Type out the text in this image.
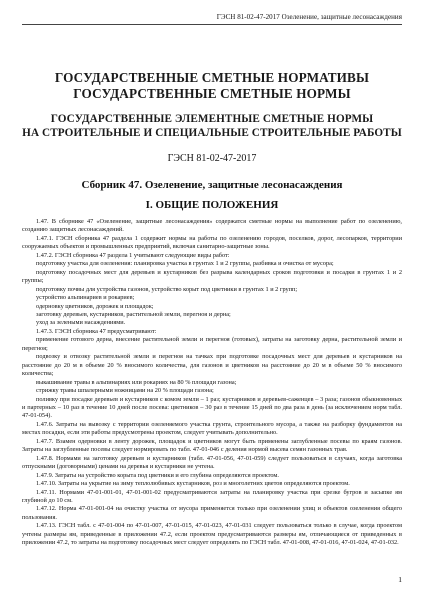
ГЭСН 81-02-47-2017 Озеленение, защитные лесонасаждения
ГОСУДАРСТВЕННЫЕ СМЕТНЫЕ НОРМАТИВЫ
ГОСУДАРСТВЕННЫЕ СМЕТНЫЕ НОРМЫ
ГОСУДАРСТВЕННЫЕ ЭЛЕМЕНТНЫЕ СМЕТНЫЕ НОРМЫ
НА СТРОИТЕЛЬНЫЕ И СПЕЦИАЛЬНЫЕ СТРОИТЕЛЬНЫЕ РАБОТЫ
ГЭСН 81-02-47-2017
Сборник 47. Озеленение, защитные лесонасаждения
I. ОБЩИЕ ПОЛОЖЕНИЯ

1.47. В сборнике 47 «Озеленение, защитные лесонасаждения» содержатся сметные нормы на выполнение работ по озеленению, созданию защитных лесонасаждений.

1.47.1. ГЭСН сборника 47 раздела 1 содержит нормы на работы по озеленению городов, поселков, дорог, лесопарков, территории сооружаемых объектов и промышленных предприятий, включая санитарно-защитные зоны.

1.47.2. ГЭСН сборника 47 раздела 1 учитывают следующие виды работ:

подготовку участка для озеленения: планировка участка в грунтах 1 и 2 группы, разбивка и очистка от мусора;

подготовку посадочных мест для деревьев и кустарников без разрыва календарных сроков подготовки и посадки в грунтах 1 и 2 группы;

подготовку почвы для устройства газонов, устройство корыт под цветники в грунтах 1 и 2 групп;

устройство альпинариев и рокариев;

одерновку цветников, дорожек и площадок;

заготовку деревьев, кустарников, растительной земли, перегноя и дерна;

уход за зелеными насаждениями.

1.47.3. ГЭСН сборника 47 предусматривают:

применение готового дерна, внесение растительной земли и перегноя (готовых), затраты на заготовку дерна, растительной земли и перегноя;

подвозку и отвозку растительной земли и перегноя на тачках при подготовке посадочных мест для деревьев и кустарников на расстояние до 20 м в объеме 20 % вносимого количества, для газонов и цветников на расстояние до 20 м в объеме 50 % вносимого количества;

выкашивание травы в альпинариях или рокариях на 80 % площади газона;

стрижку травы шпалерными ножницами на 20 % площади газона;

поливку при посадке деревьев и кустарников с комом земли – 1 раз; кустарников и деревьев-саженцев – 3 раза; газонов обыкновенных и партерных – 10 раз в течение 10 дней после посева: цветников – 30 раз в течение 15 дней по два раза в день (за исключением норм табл. 47-01-054).

1.47.6. Затраты на вывозку с территории озеленяемого участка грунта, строительного мусора, а также на разборку фундаментов на местах посадки, если эти работы предусмотрены проектом, следует учитывать дополнительно.

1.47.7. Взамен одерновки в ленту дорожек, площадок и цветников могут быть применены заглубленные посевы по краям газонов. Затраты на заглубленные посевы следует нормировать по табл. 47-01-046 с деления нормой высева семян газонных трав.

1.47.8. Нормами на заготовку деревьев и кустарников (табл. 47-01-056, 47-01-059) следует пользоваться в случаях, когда заготовка отпускными (договорными) ценами на деревья и кустарники не учтена.

1.47.9. Затраты на устройство корыта под цветники и его глубина определяются проектом.

1.47.10. Затраты на укрытие на зиму теплолюбивых кустарников, роз и многолетних цветов определяются проектом.

1.47.11. Нормами 47-01-001-01, 47-01-001-02 предусматриваются затраты на планировку участка при срезке бугров и засыпке ям глубиной до 10 см.

1.47.12. Норма 47-01-001-04 на очистку участка от мусора применяется только при озеленении улиц и объектов озеленения общего пользования.

1.47.13. ГЭСН табл. с 47-01-004 по 47-01-007, 47-01-015, 47-01-023, 47-01-031 следует пользоваться только в случае, когда проектом учтены размеры ям, приведенные в приложении 47.2, если проектом предусматриваются размеры ям, отличающиеся от приведенных в приложении 47.2, то затраты на подготовку посадочных мест следует определять по ГЭСН табл. 47-01-008, 47-01-016, 47-01-024, 47-01-032.

1
